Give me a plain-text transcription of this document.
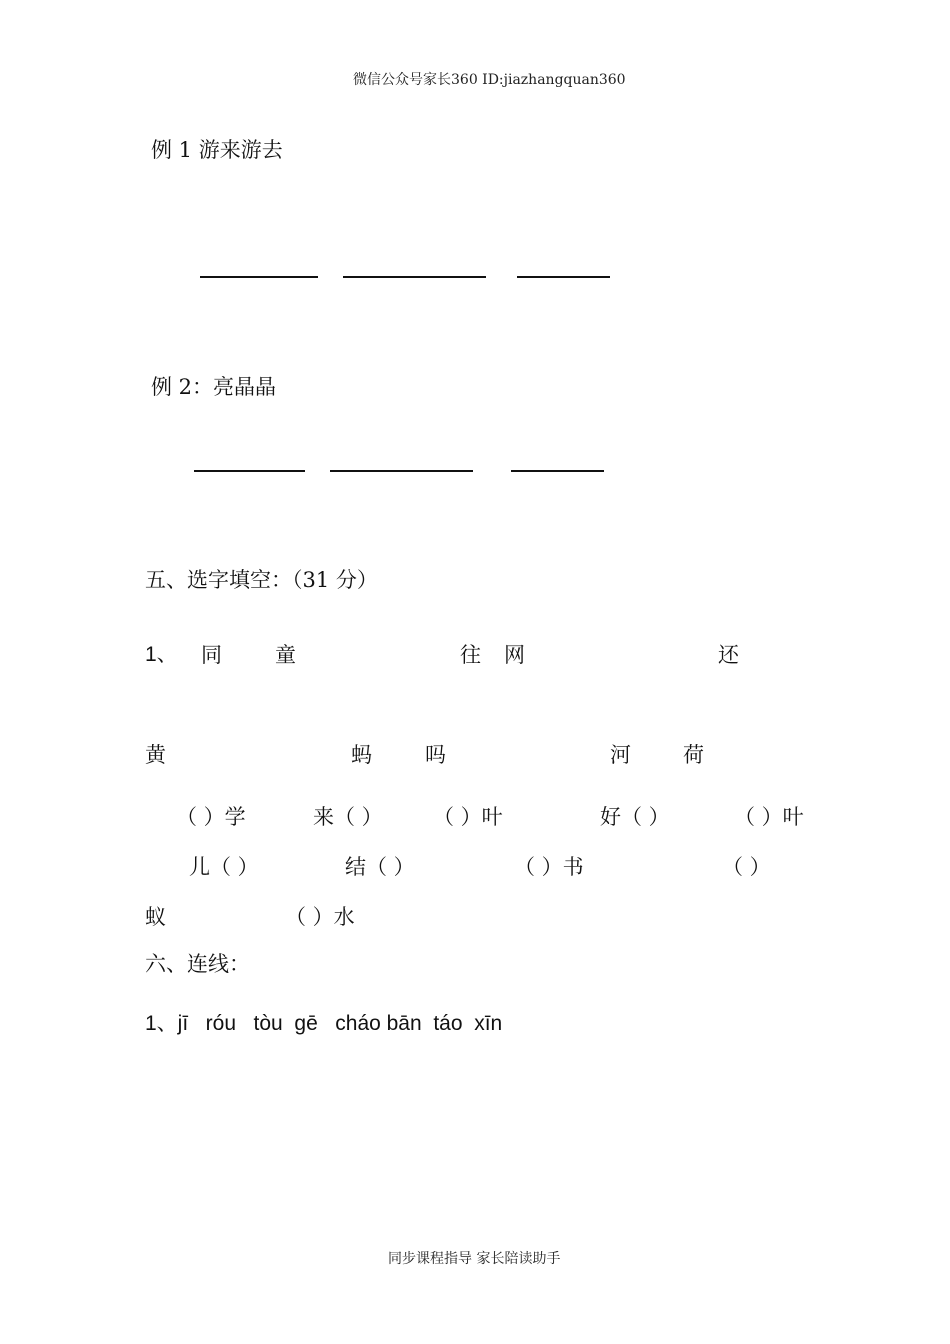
微信公众号家长360 ID:jiazhangquan360
例 1 游来游去
例 2：亮晶晶
五、选字填空：（31 分）
1、 同	童	往 网	还
黄	蚂	吗	河 荷
（ ）学	来（ ） （ ）叶	好（ ）	（ ）叶
儿（ ）	结（ ）	（ ）书	（ ）
蚁	（ ）水
六、连线：
1、jī   róu   tòu  ɡē   cháo bān  táo  xīn
同步课程指导 家长陪读助手
